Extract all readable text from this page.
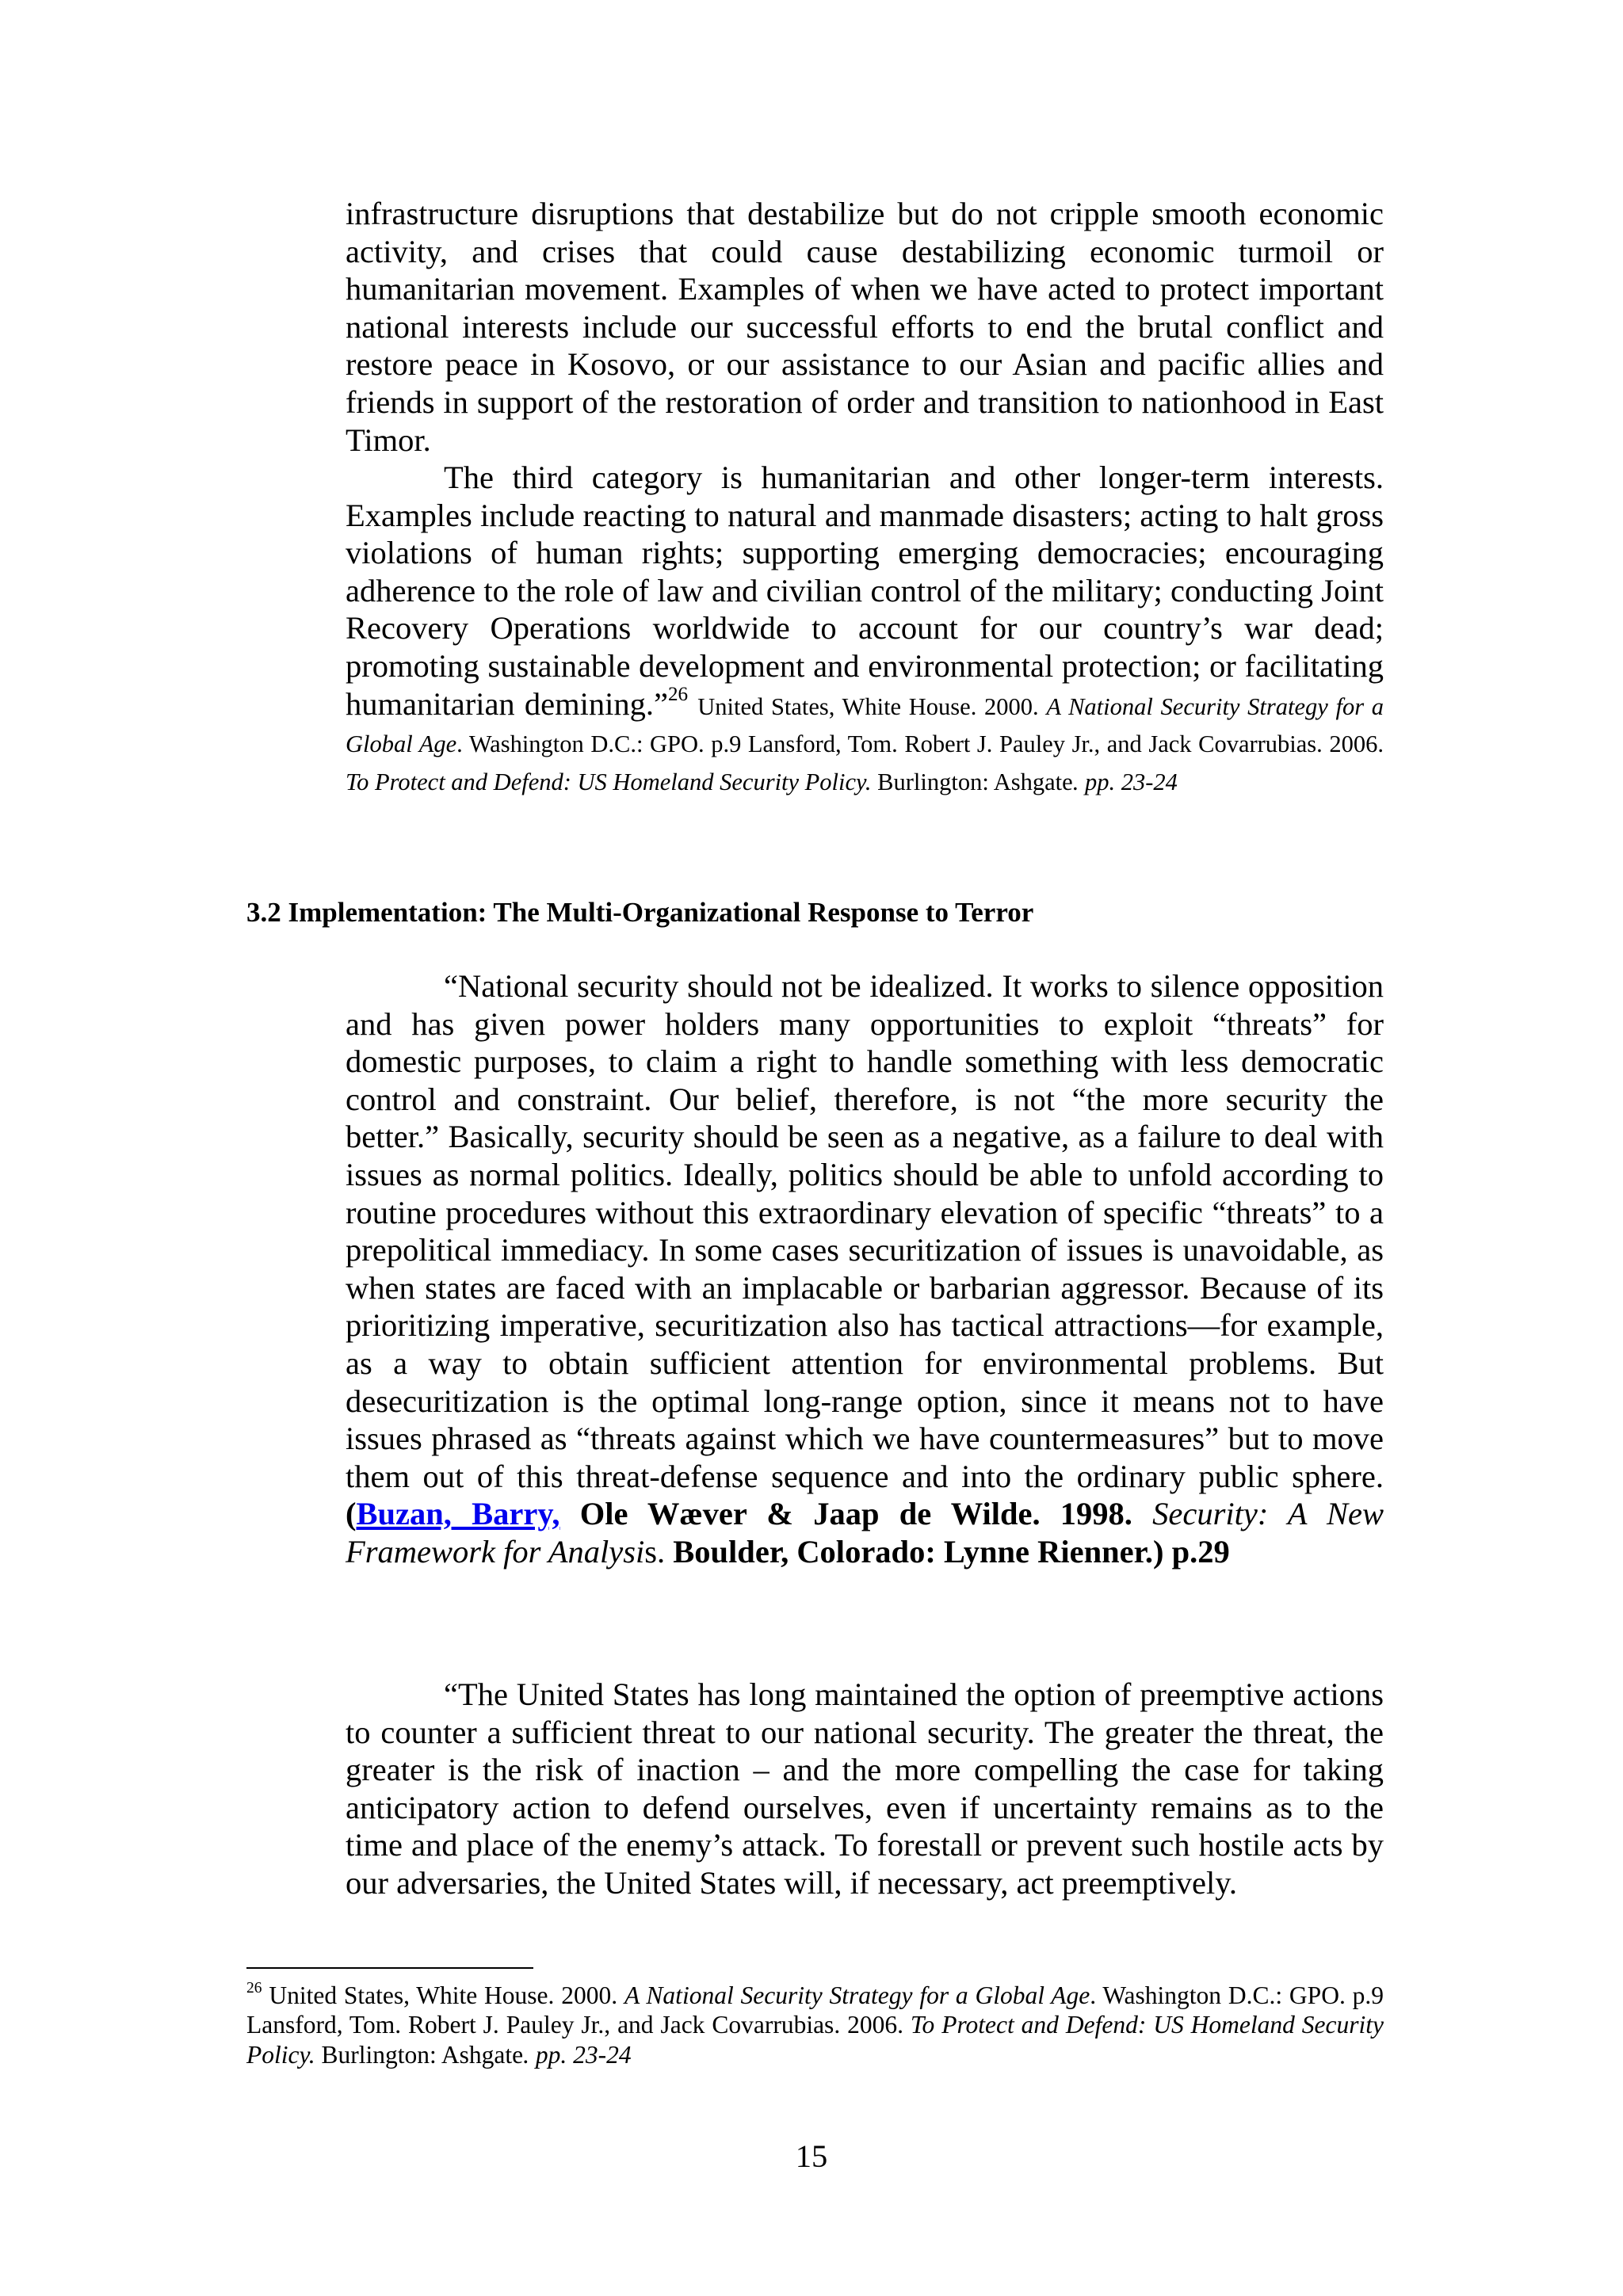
infrastructure disruptions that destabilize but do not cripple smooth economic activity, and crises that could cause destabilizing economic turmoil or humanitarian movement. Examples of when we have acted to protect important national interests include our successful efforts to end the brutal conflict and restore peace in Kosovo, or our assistance to our Asian and pacific allies and friends in support of the restoration of order and transition to nationhood in East Timor.

The third category is humanitarian and other longer-term interests. Examples include reacting to natural and manmade disasters; acting to halt gross violations of human rights; supporting emerging democracies; encouraging adherence to the role of law and civilian control of the military; conducting Joint Recovery Operations worldwide to account for our country’s war dead; promoting sustainable development and environmental protection; or facilitating humanitarian demining.”$^{26}$ United States, White House. 2000. A National Security Strategy for a Global Age. Washington D.C.: GPO. p.9 Lansford, Tom. Robert J. Pauley Jr., and Jack Covarrubias. 2006. To Protect and Defend: US Homeland Security Policy. Burlington: Ashgate. pp. 23-24

3.2 Implementation: The Multi-Organizational Response to Terror

“National security should not be idealized. It works to silence opposition and has given power holders many opportunities to exploit “threats” for domestic purposes, to claim a right to handle something with less democratic control and constraint. Our belief, therefore, is not “the more security the better.” Basically, security should be seen as a negative, as a failure to deal with issues as normal politics. Ideally, politics should be able to unfold according to routine procedures without this extraordinary elevation of specific “threats” to a prepolitical immediacy. In some cases securitization of issues is unavoidable, as when states are faced with an implacable or barbarian aggressor. Because of its prioritizing imperative, securitization also has tactical attractions—for example, as a way to obtain sufficient attention for environmental problems. But desecuritization is the optimal long-range option, since it means not to have issues phrased as “threats against which we have countermeasures” but to move them out of this threat-defense sequence and into the ordinary public sphere. (Buzan, Barry, Ole Wæver & Jaap de Wilde. 1998. Security: A New Framework for Analysis. Boulder, Colorado: Lynne Rienner.) p.29

“The United States has long maintained the option of preemptive actions to counter a sufficient threat to our national security. The greater the threat, the greater is the risk of inaction – and the more compelling the case for taking anticipatory action to defend ourselves, even if uncertainty remains as to the time and place of the enemy’s attack. To forestall or prevent such hostile acts by our adversaries, the United States will, if necessary, act preemptively.

$^{26}$ United States, White House. 2000. A National Security Strategy for a Global Age. Washington D.C.: GPO. p.9 Lansford, Tom. Robert J. Pauley Jr., and Jack Covarrubias. 2006. To Protect and Defend: US Homeland Security Policy. Burlington: Ashgate. pp. 23-24
15
